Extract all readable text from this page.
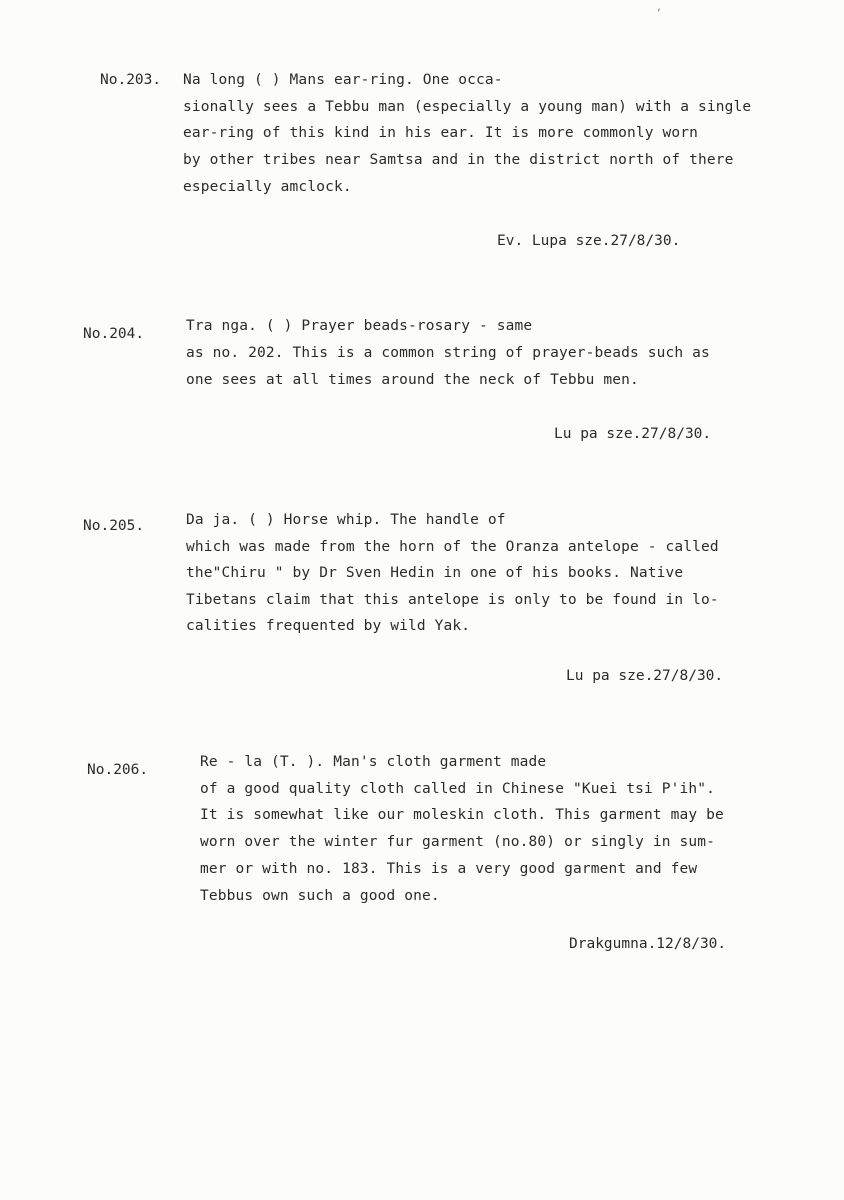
,
No.203. Na long ( ) Mans ear-ring. One occa-
sionally sees a Tebbu man (especially a young man) with a single
ear-ring of this kind in his ear. It is more commonly worn
by other tribes near Samtsa and in the district north of there
especially amclock.
Ev. Lupa sze.27/8/30.
No.204.	Tra nga. ( ) Prayer beads-rosary - same
as no. 202. This is a common string of prayer-beads such as
one sees at all times around the neck of Tebbu men.
Lu pa sze.27/8/30.
No.205.	Da ja. ( ) Horse whip. The handle of
which was made from the horn of the Oranza antelope - called
the"Chiru " by Dr Sven Hedin in one of his books. Native
Tibetans claim that this antelope is only to be found in lo-
calities frequented by wild Yak.
Lu pa sze.27/8/30.
No.206.	Re - la (T. ). Man's cloth garment made
of a good quality cloth called in Chinese "Kuei tsi P'ih".
It is somewhat like our moleskin cloth. This garment may be
worn over the winter fur garment (no.80) or singly in sum-
mer or with no. 183. This is a very good garment and few
Tebbus own such a good one.
Drakgumna.12/8/30.
